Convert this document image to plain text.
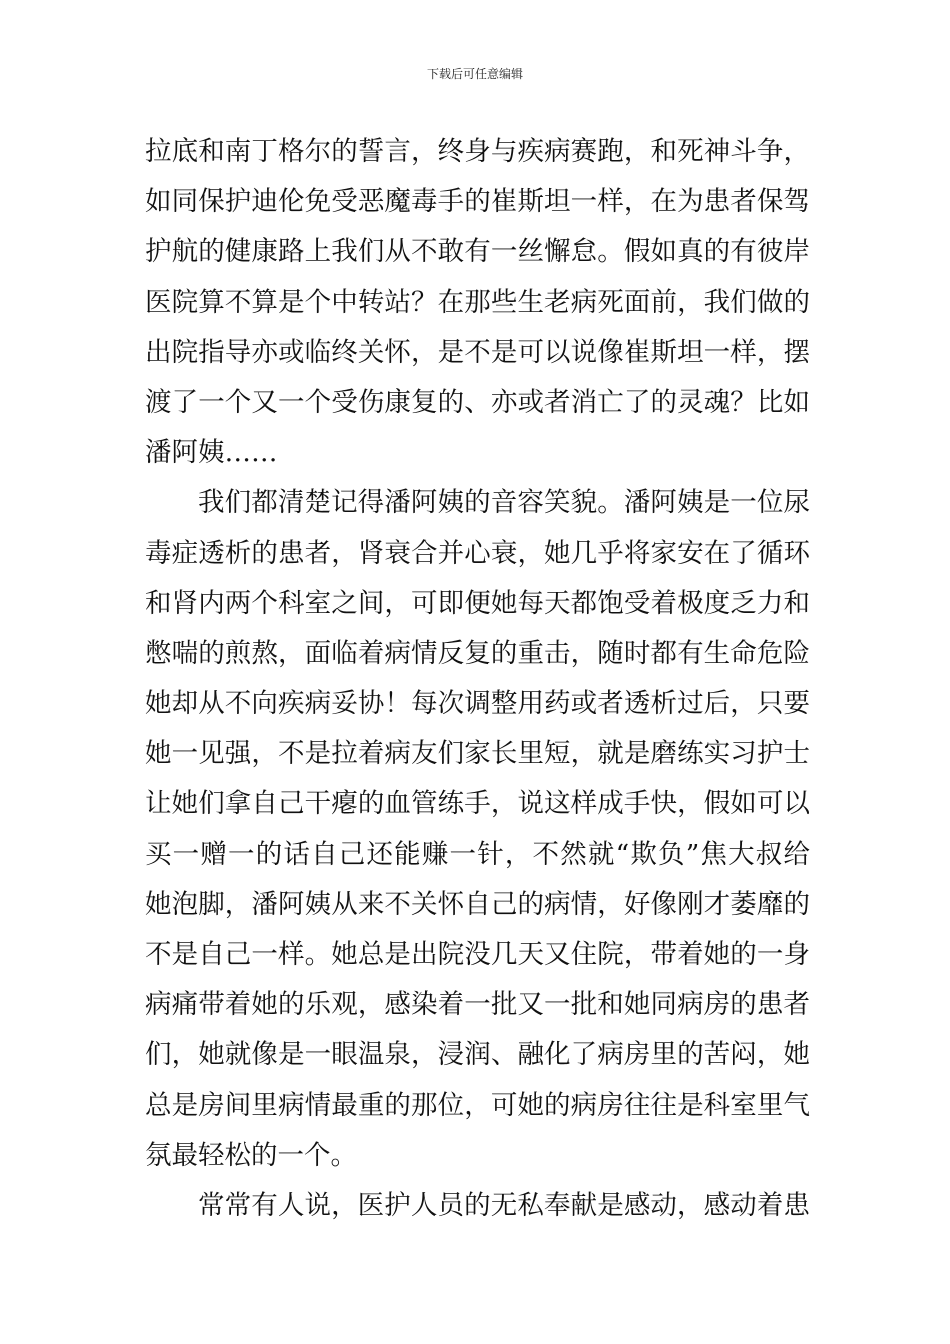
下载后可任意编辑
拉底和南丁格尔的誓言，终身与疾病赛跑，和死神斗争，
如同保护迪伦免受恶魔毒手的崔斯坦一样，在为患者保驾
护航的健康路上我们从不敢有一丝懈怠。假如真的有彼岸
医院算不算是个中转站？在那些生老病死面前，我们做的
出院指导亦或临终关怀，是不是可以说像崔斯坦一样，摆
渡了一个又一个受伤康复的、亦或者消亡了的灵魂？比如
潘阿姨……
我们都清楚记得潘阿姨的音容笑貌。潘阿姨是一位尿
毒症透析的患者，肾衰合并心衰，她几乎将家安在了循环
和肾内两个科室之间，可即便她每天都饱受着极度乏力和
憋喘的煎熬，面临着病情反复的重击，随时都有生命危险
她却从不向疾病妥协！每次调整用药或者透析过后，只要
她一见强，不是拉着病友们家长里短，就是磨练实习护士
让她们拿自己干瘪的血管练手，说这样成手快，假如可以
买一赠一的话自己还能赚一针，不然就“欺负”焦大叔给
她泡脚，潘阿姨从来不关怀自己的病情，好像刚才萎靡的
不是自己一样。她总是出院没几天又住院，带着她的一身
病痛带着她的乐观，感染着一批又一批和她同病房的患者
们，她就像是一眼温泉，浸润、融化了病房里的苦闷，她
总是房间里病情最重的那位，可她的病房往往是科室里气
氛最轻松的一个。
常常有人说，医护人员的无私奉献是感动，感动着患
